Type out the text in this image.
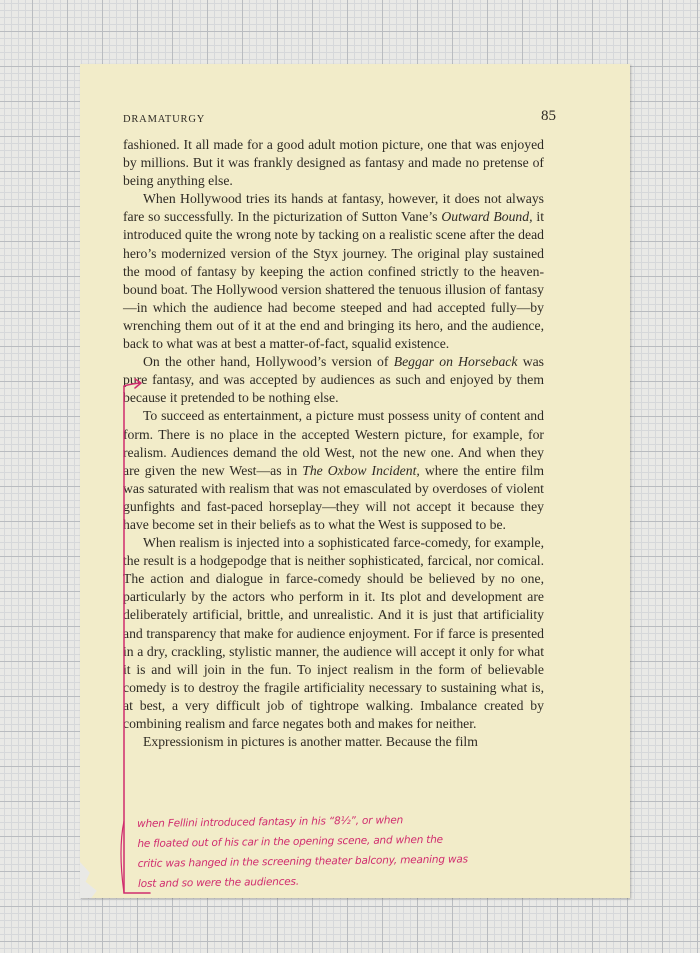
DRAMATURGY	85

fashioned. It all made for a good adult motion picture, one that was enjoyed by millions. But it was frankly designed as fantasy and made no pretense of being anything else.

When Hollywood tries its hands at fantasy, however, it does not always fare so successfully. In the picturization of Sutton Vane’s Outward Bound, it introduced quite the wrong note by tacking on a realistic scene after the dead hero’s modernized version of the Styx journey. The original play sustained the mood of fantasy by keeping the action confined strictly to the heaven-bound boat. The Hollywood version shattered the tenuous illusion of fantasy—in which the audience had become steeped and had accepted fully—by wrenching them out of it at the end and bringing its hero, and the audience, back to what was at best a matter-of-fact, squalid existence.

On the other hand, Hollywood’s version of Beggar on Horseback was pure fantasy, and was accepted by audiences as such and enjoyed by them because it pretended to be nothing else.

To succeed as entertainment, a picture must possess unity of content and form. There is no place in the accepted Western picture, for example, for realism. Audiences demand the old West, not the new one. And when they are given the new West—as in The Oxbow Incident, where the entire film was saturated with realism that was not emasculated by overdoses of violent gunfights and fast-paced horseplay—they will not accept it because they have become set in their beliefs as to what the West is supposed to be.

When realism is injected into a sophisticated farce-comedy, for example, the result is a hodgepodge that is neither sophisticated, farcical, nor comical. The action and dialogue in farce-comedy should be believed by no one, particularly by the actors who perform in it. Its plot and development are deliberately artificial, brittle, and unrealistic. And it is just that artificiality and transparency that make for audience enjoyment. For if farce is presented in a dry, crackling, stylistic manner, the audience will accept it only for what it is and will join in the fun. To inject realism in the form of believable comedy is to destroy the fragile artificiality necessary to sustaining what is, at best, a very difficult job of tightrope walking. Imbalance created by combining realism and farce negates both and makes for neither.

Expressionism in pictures is another matter. Because the film

when Fellini introduced fantasy in his “8½”, or when
he floated out of his car in the opening scene, and when the
critic was hanged in the screening theater balcony, meaning was
lost and so were the audiences.
